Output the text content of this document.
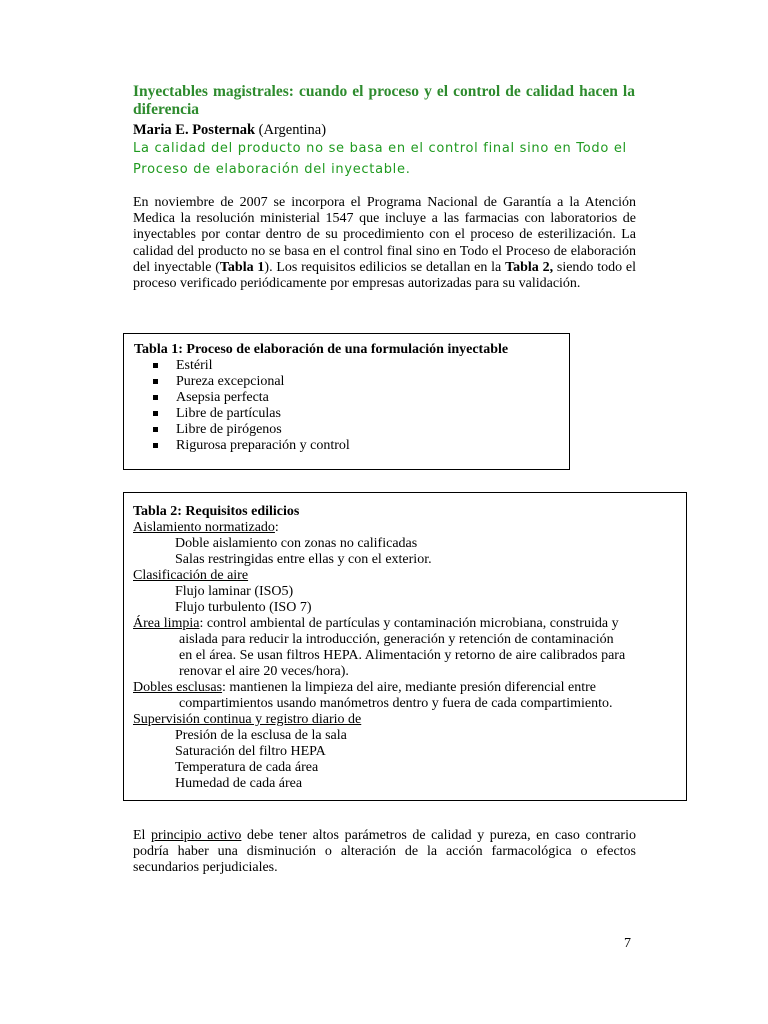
Inyectables magistrales: cuando el proceso y el control de calidad hacen la diferencia
Maria E. Posternak (Argentina)
La calidad del producto no se basa en el control final sino en Todo el Proceso de elaboración del inyectable.
En noviembre de 2007 se incorpora el Programa Nacional de Garantía a la Atención Medica la resolución ministerial 1547 que incluye a las farmacias con laboratorios de inyectables por contar dentro de su procedimiento con el proceso de esterilización. La calidad del producto no se basa en el control final sino en Todo el Proceso de elaboración del inyectable (Tabla 1). Los requisitos edilicios se detallan en la Tabla 2, siendo todo el proceso verificado periódicamente por empresas autorizadas para su validación.
Tabla 1: Proceso de elaboración de una formulación inyectable
Estéril
Pureza excepcional
Asepsia perfecta
Libre de partículas
Libre de pirógenos
Rigurosa preparación y control
Tabla 2: Requisitos edilicios
Aislamiento normatizado:
Doble aislamiento con zonas no calificadas
Salas restringidas entre ellas y con el exterior.
Clasificación de aire
Flujo laminar (ISO5)
Flujo turbulento (ISO 7)
Área limpia: control ambiental de partículas y contaminación microbiana, construida y
aislada para reducir la introducción, generación y retención de contaminación
en el área. Se usan filtros HEPA. Alimentación y retorno de aire calibrados para
renovar el aire 20 veces/hora).
Dobles esclusas: mantienen la limpieza del aire, mediante presión diferencial entre
compartimientos usando manómetros dentro y fuera de cada compartimiento.
Supervisión continua y registro diario de
Presión de la esclusa de la sala
Saturación del filtro HEPA
Temperatura de cada área
Humedad de cada área
El principio activo debe tener altos parámetros de calidad y pureza, en caso contrario podría haber una disminución o alteración de la acción farmacológica o efectos secundarios perjudiciales.
7
